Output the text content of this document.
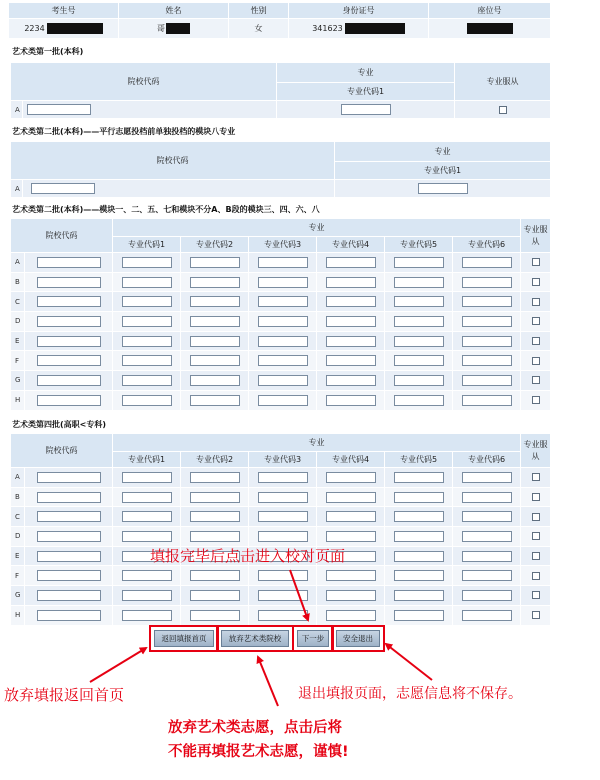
考生号	姓名	性别	身份证号	座位号
2234	哥	女	341623	
艺术类第一批(本科)
院校代码		专业	专业服从
		专业代码1	
A			
艺术类第二批(本科)——平行志愿投档前单独投档的模块八专业
院校代码		专业
		专业代码1
A		
艺术类第二批(本科)——模块一、二、五、七和模块不分A、B段的模块三、四、六、八
院校代码		专业						专业服从
		专业代码1	专业代码2	专业代码3	专业代码4	专业代码5	专业代码6	
A								
B								
C								
D								
E								
F								
G								
H								
艺术类第四批(高职<专科)
院校代码		专业						专业服从
		专业代码1	专业代码2	专业代码3	专业代码4	专业代码5	专业代码6	
A								
B								
C								
D								
E								
F								
G								
H								
返回填报首页	放弃艺术类院校	下一步	安全退出
填报完毕后点击进入校对页面
放弃填报返回首页	退出填报页面，志愿信息将不保存。
放弃艺术类志愿，点击后将
不能再填报艺术志愿，谨慎!
